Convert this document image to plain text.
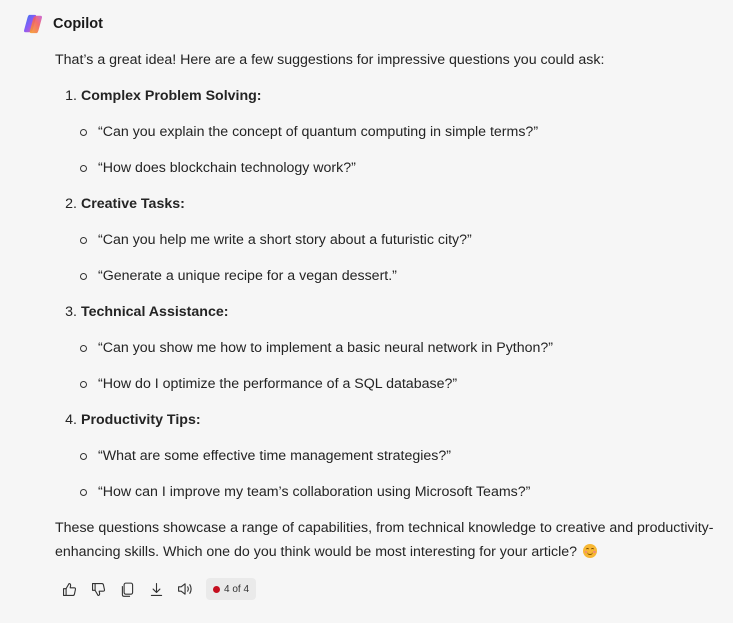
Copilot
That’s a great idea! Here are a few suggestions for impressive questions you could ask:
1. Complex Problem Solving:
“Can you explain the concept of quantum computing in simple terms?”
“How does blockchain technology work?”
2. Creative Tasks:
“Can you help me write a short story about a futuristic city?”
“Generate a unique recipe for a vegan dessert.”
3. Technical Assistance:
“Can you show me how to implement a basic neural network in Python?”
“How do I optimize the performance of a SQL database?”
4. Productivity Tips:
“What are some effective time management strategies?”
“How can I improve my team’s collaboration using Microsoft Teams?”

These questions showcase a range of capabilities, from technical knowledge to creative and productivity-enhancing skills. Which one do you think would be most interesting for your article?

4 of 4
